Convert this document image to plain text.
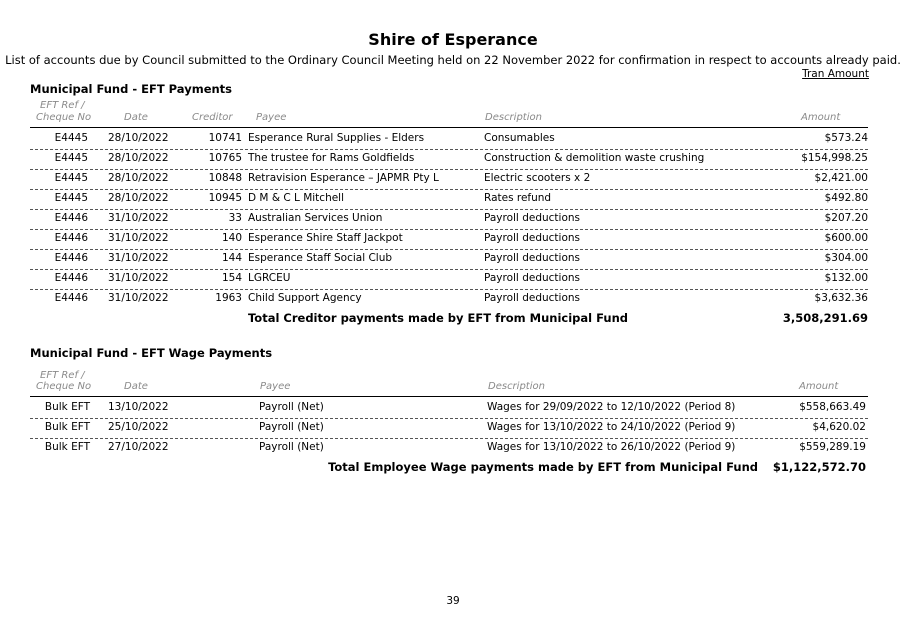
Shire of Esperance
List of accounts due by Council submitted to the Ordinary Council Meeting held on 22 November 2022 for confirmation in respect to accounts already paid.
Tran Amount
Municipal Fund - EFT Payments
EFT Ref /
Cheque No	Date	Creditor Payee	Description	Amount
E4445 28/10/2022	10741 Esperance Rural Supplies - Elders	Consumables	$573.24
E4445 28/10/2022	10765 The trustee for Rams Goldfields	Construction & demolition waste crushing	$154,998.25
E4445 28/10/2022	10848 Retravision Esperance – JAPMR Pty L	Electric scooters x 2	$2,421.00
E4445 28/10/2022	10945 D M & C L Mitchell	Rates refund	$492.80
E4446 31/10/2022	33 Australian Services Union	Payroll deductions	$207.20
E4446 31/10/2022	140 Esperance Shire Staff Jackpot	Payroll deductions	$600.00
E4446 31/10/2022	144 Esperance Staff Social Club	Payroll deductions	$304.00
E4446 31/10/2022	154 LGRCEU	Payroll deductions	$132.00
E4446 31/10/2022	1963 Child Support Agency	Payroll deductions	$3,632.36
Total Creditor payments made by EFT from Municipal Fund	3,508,291.69
Municipal Fund - EFT Wage Payments
EFT Ref /
Cheque No	Date	Payee	Description	Amount
Bulk EFT 13/10/2022	Payroll (Net)	Wages for 29/09/2022 to 12/10/2022 (Period 8)	$558,663.49
Bulk EFT 25/10/2022	Payroll (Net)	Wages for 13/10/2022 to 24/10/2022 (Period 9)	$4,620.02
Bulk EFT 27/10/2022	Payroll (Net)	Wages for 13/10/2022 to 26/10/2022 (Period 9)	$559,289.19
Total Employee Wage payments made by EFT from Municipal Fund $1,122,572.70
39
